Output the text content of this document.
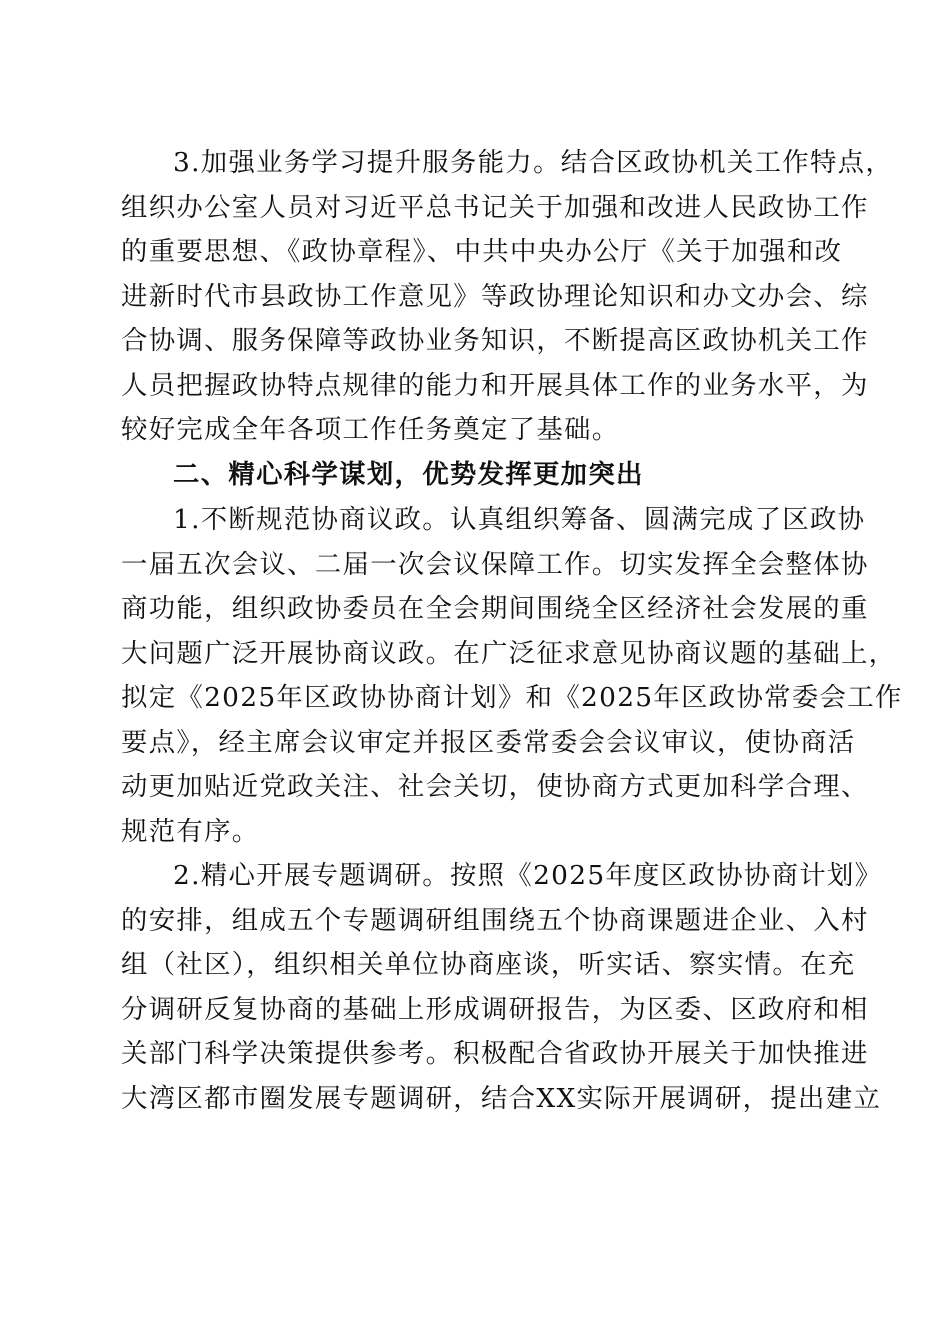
3.加强业务学习提升服务能力。结合区政协机关工作特点，
组织办公室人员对习近平总书记关于加强和改进人民政协工作
的重要思想、《政协章程》、中共中央办公厅《关于加强和改
进新时代市县政协工作意见》等政协理论知识和办文办会、综
合协调、服务保障等政协业务知识，不断提高区政协机关工作
人员把握政协特点规律的能力和开展具体工作的业务水平，为
较好完成全年各项工作任务奠定了基础。
二、精心科学谋划，优势发挥更加突出
1.不断规范协商议政。认真组织筹备、圆满完成了区政协
一届五次会议、二届一次会议保障工作。切实发挥全会整体协
商功能，组织政协委员在全会期间围绕全区经济社会发展的重
大问题广泛开展协商议政。在广泛征求意见协商议题的基础上，
拟定《2025年区政协协商计划》和《2025年区政协常委会工作
要点》，经主席会议审定并报区委常委会会议审议，使协商活
动更加贴近党政关注、社会关切，使协商方式更加科学合理、
规范有序。
2.精心开展专题调研。按照《2025年度区政协协商计划》
的安排，组成五个专题调研组围绕五个协商课题进企业、入村
组（社区），组织相关单位协商座谈，听实话、察实情。在充
分调研反复协商的基础上形成调研报告，为区委、区政府和相
关部门科学决策提供参考。积极配合省政协开展关于加快推进
大湾区都市圈发展专题调研，结合XX实际开展调研，提出建立
